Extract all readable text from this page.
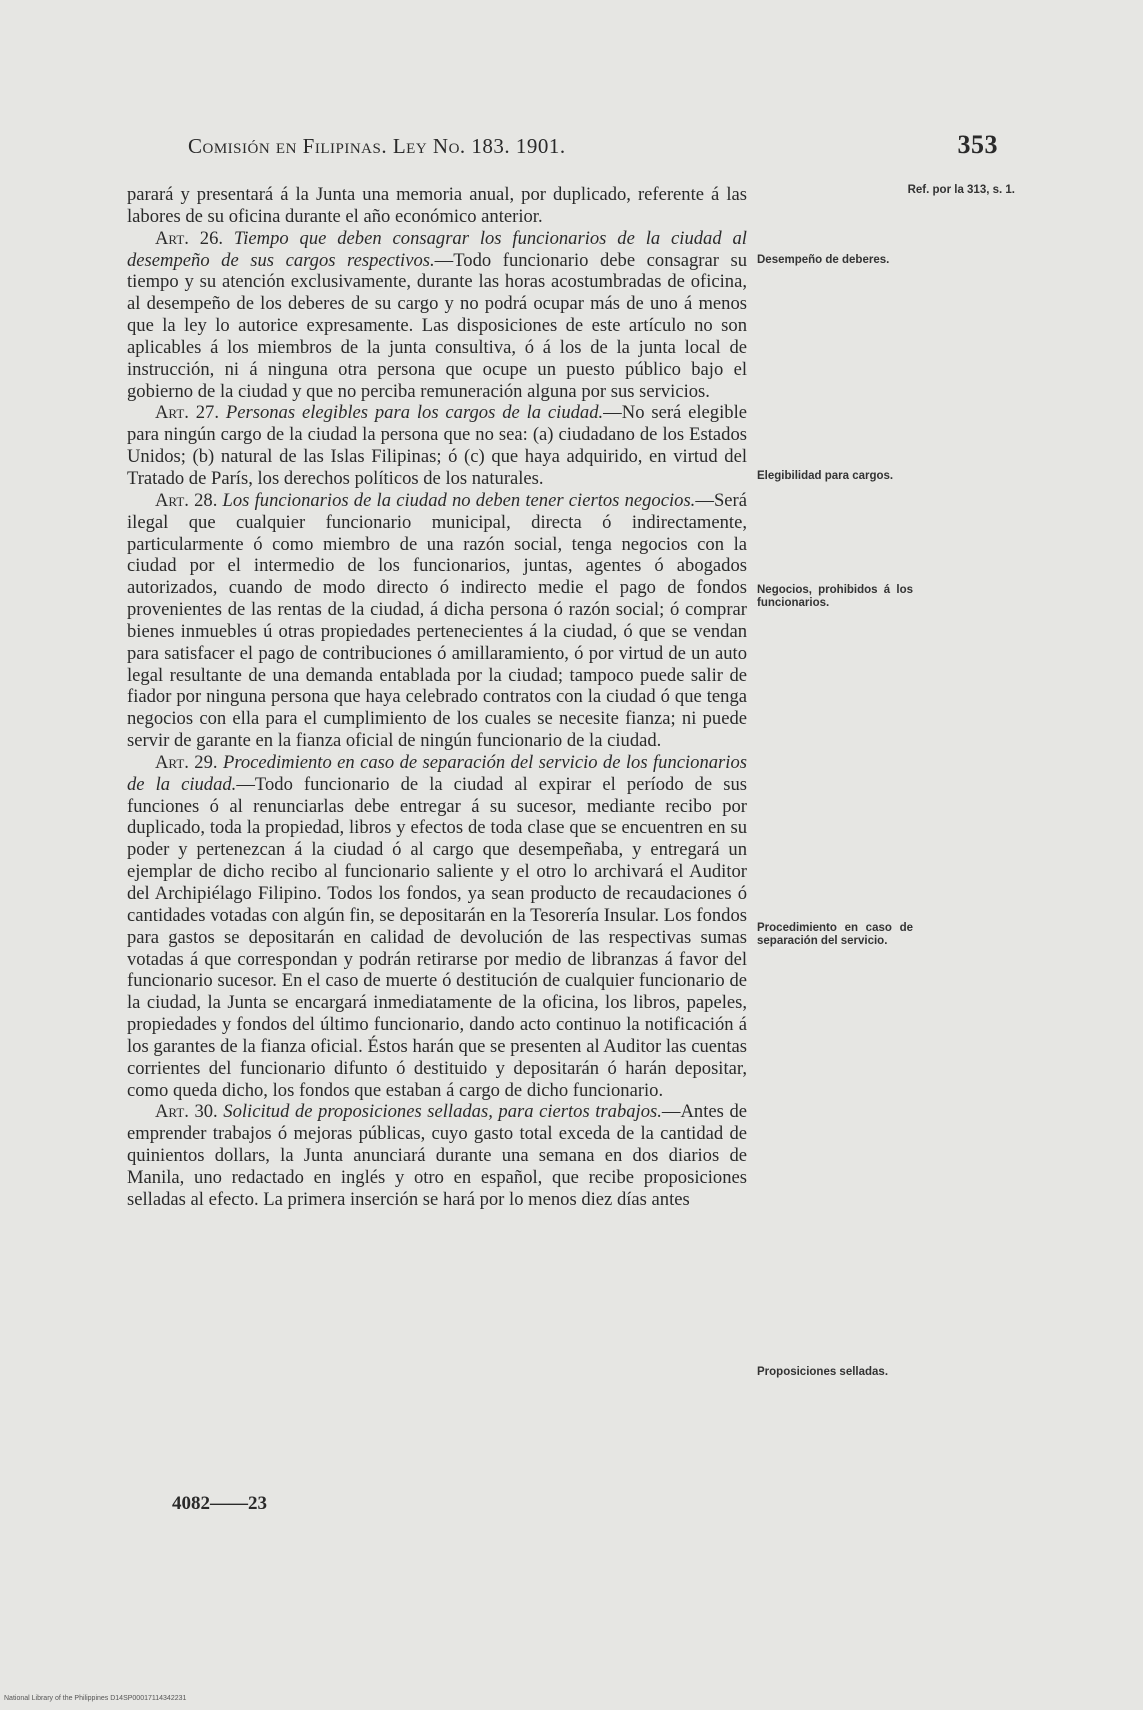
Comisión en Filipinas. Ley No. 183. 1901.	353

parará y presentará á la Junta una memoria anual, por duplicado, referente á las labores de su oficina durante el año económico anterior.

Art. 26. Tiempo que deben consagrar los funcionarios de la ciudad al desempeño de sus cargos respectivos.—Todo funcionario debe consagrar su tiempo y su atención exclusivamente, durante las horas acostumbradas de oficina, al desempeño de los deberes de su cargo y no podrá ocupar más de uno á menos que la ley lo autorice expresamente. Las disposiciones de este artículo no son aplicables á los miembros de la junta consultiva, ó á los de la junta local de instrucción, ni á ninguna otra persona que ocupe un puesto público bajo el gobierno de la ciudad y que no perciba remuneración alguna por sus servicios.

Art. 27. Personas elegibles para los cargos de la ciudad.—No será elegible para ningún cargo de la ciudad la persona que no sea: (a) ciudadano de los Estados Unidos; (b) natural de las Islas Filipinas; ó (c) que haya adquirido, en virtud del Tratado de París, los derechos políticos de los naturales.

Art. 28. Los funcionarios de la ciudad no deben tener ciertos negocios.—Será ilegal que cualquier funcionario municipal, directa ó indirectamente, particularmente ó como miembro de una razón social, tenga negocios con la ciudad por el intermedio de los funcionarios, juntas, agentes ó abogados autorizados, cuando de modo directo ó indirecto medie el pago de fondos provenientes de las rentas de la ciudad, á dicha persona ó razón social; ó comprar bienes inmuebles ú otras propiedades pertenecientes á la ciudad, ó que se vendan para satisfacer el pago de contribuciones ó amillaramiento, ó por virtud de un auto legal resultante de una demanda entablada por la ciudad; tampoco puede salir de fiador por ninguna persona que haya celebrado contratos con la ciudad ó que tenga negocios con ella para el cumplimiento de los cuales se necesite fianza; ni puede servir de garante en la fianza oficial de ningún funcionario de la ciudad.

Art. 29. Procedimiento en caso de separación del servicio de los funcionarios de la ciudad.—Todo funcionario de la ciudad al expirar el período de sus funciones ó al renunciarlas debe entregar á su sucesor, mediante recibo por duplicado, toda la propiedad, libros y efectos de toda clase que se encuentren en su poder y pertenezcan á la ciudad ó al cargo que desempeñaba, y entregará un ejemplar de dicho recibo al funcionario saliente y el otro lo archivará el Auditor del Archipiélago Filipino. Todos los fondos, ya sean producto de recaudaciones ó cantidades votadas con algún fin, se depositarán en la Tesorería Insular. Los fondos para gastos se depositarán en calidad de devolución de las respectivas sumas votadas á que correspondan y podrán retirarse por medio de libranzas á favor del funcionario sucesor. En el caso de muerte ó destitución de cualquier funcionario de la ciudad, la Junta se encargará inmediatamente de la oficina, los libros, papeles, propiedades y fondos del último funcionario, dando acto continuo la notificación á los garantes de la fianza oficial. Éstos harán que se presenten al Auditor las cuentas corrientes del funcionario difunto ó destituido y depositarán ó harán depositar, como queda dicho, los fondos que estaban á cargo de dicho funcionario.

Art. 30. Solicitud de proposiciones selladas, para ciertos trabajos.—Antes de emprender trabajos ó mejoras públicas, cuyo gasto total exceda de la cantidad de quinientos dollars, la Junta anunciará durante una semana en dos diarios de Manila, uno redactado en inglés y otro en español, que recibe proposiciones selladas al efecto. La primera inserción se hará por lo menos diez días antes

Ref. por la 313, s. 1.
Desempeño de deberes.
Elegibilidad para cargos.
Negocios, prohibidos á los funcionarios.
Procedimiento en caso de separación del servicio.
Proposiciones selladas.
4082——23
National Library of the Philippines D14SP00017114342231
